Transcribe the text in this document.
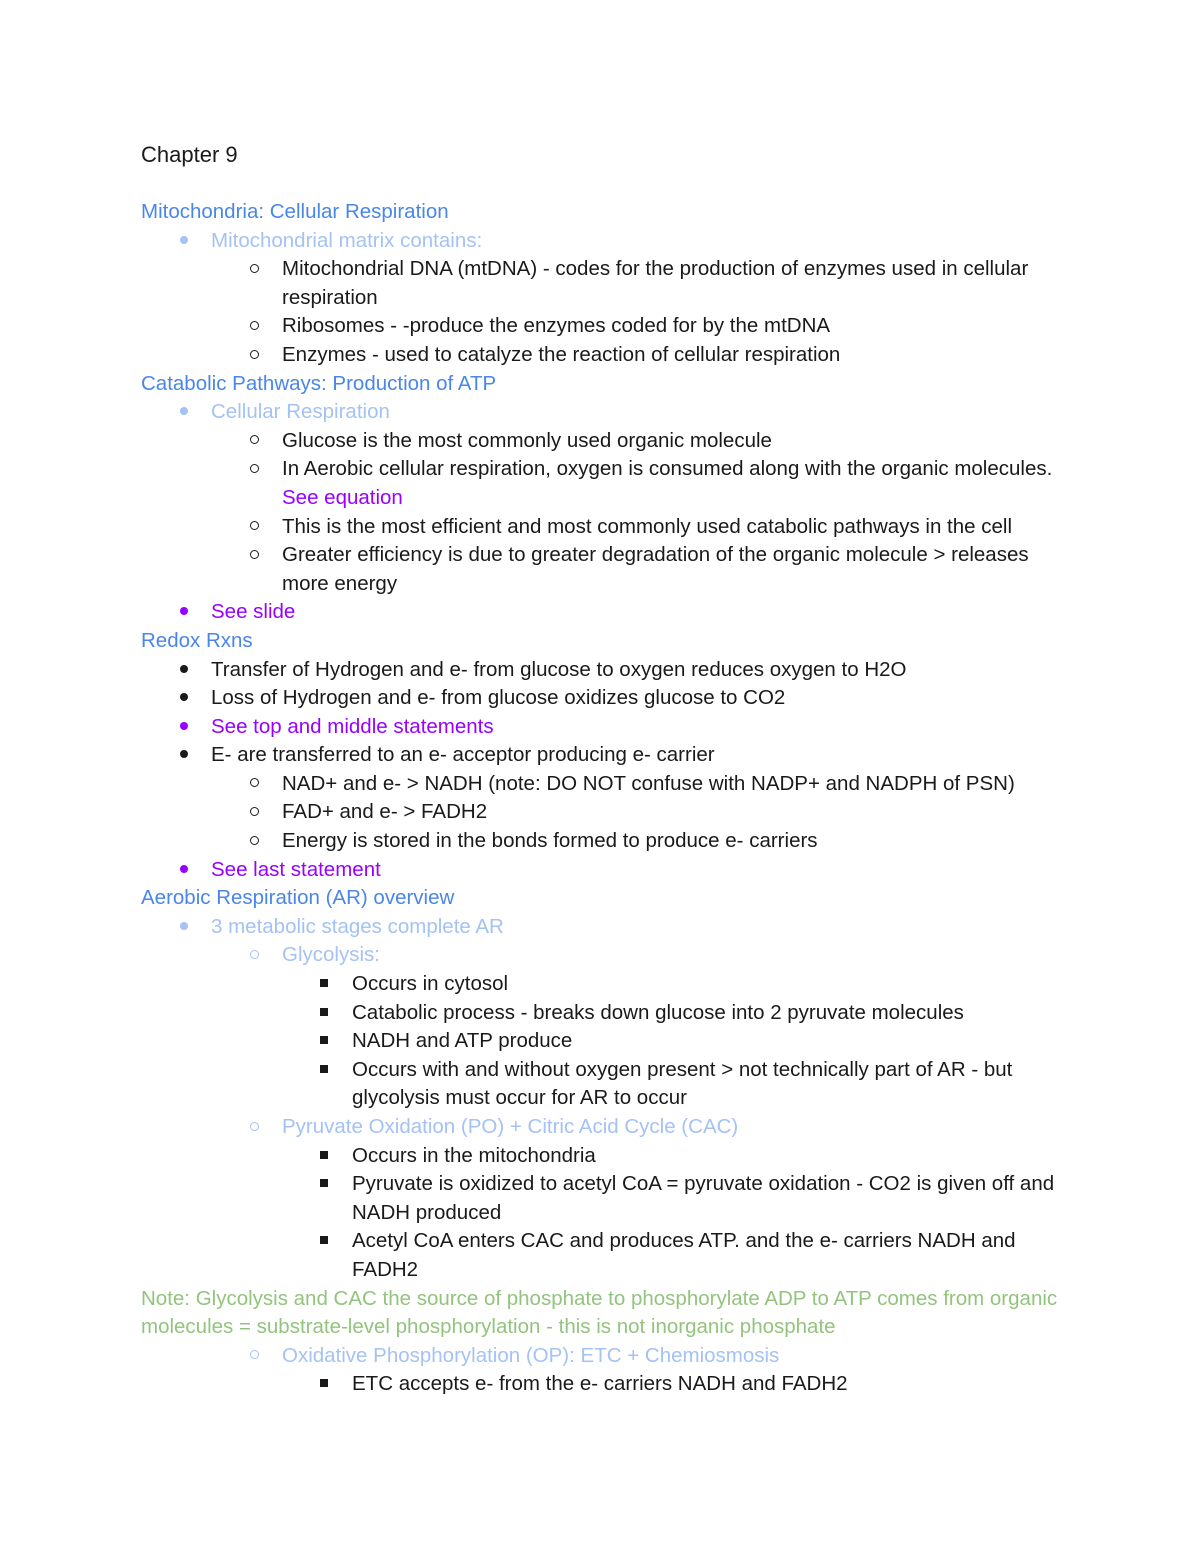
Chapter 9
Mitochondria: Cellular Respiration
Mitochondrial matrix contains:
Mitochondrial DNA (mtDNA) - codes for the production of enzymes used in cellular respiration
Ribosomes - -produce the enzymes coded for by the mtDNA
Enzymes - used to catalyze the reaction of cellular respiration
Catabolic Pathways: Production of ATP
Cellular Respiration
Glucose is the most commonly used organic molecule
In Aerobic cellular respiration, oxygen is consumed along with the organic molecules. See equation
This is the most efficient and most commonly used catabolic pathways in the cell
Greater efficiency is due to greater degradation of the organic molecule > releases more energy
See slide
Redox Rxns
Transfer of Hydrogen and e- from glucose to oxygen reduces oxygen to H2O
Loss of Hydrogen and e- from glucose oxidizes glucose to CO2
See top and middle statements
E- are transferred to an e- acceptor producing e- carrier
NAD+ and e- > NADH (note: DO NOT confuse with NADP+ and NADPH of PSN)
FAD+ and e- > FADH2
Energy is stored in the bonds formed to produce e- carriers
See last statement
Aerobic Respiration (AR) overview
3 metabolic stages complete AR
Glycolysis:
Occurs in cytosol
Catabolic process - breaks down glucose into 2 pyruvate molecules
NADH and ATP produce
Occurs with and without oxygen present > not technically part of AR - but glycolysis must occur for AR to occur
Pyruvate Oxidation (PO) + Citric Acid Cycle (CAC)
Occurs in the mitochondria
Pyruvate is oxidized to acetyl CoA = pyruvate oxidation - CO2 is given off and NADH produced
Acetyl CoA enters CAC and produces ATP. and the e- carriers NADH and FADH2
Note: Glycolysis and CAC the source of phosphate to phosphorylate ADP to ATP comes from organic molecules = substrate-level phosphorylation - this is not inorganic phosphate
Oxidative Phosphorylation (OP): ETC + Chemiosmosis
ETC accepts e- from the e- carriers NADH and FADH2
